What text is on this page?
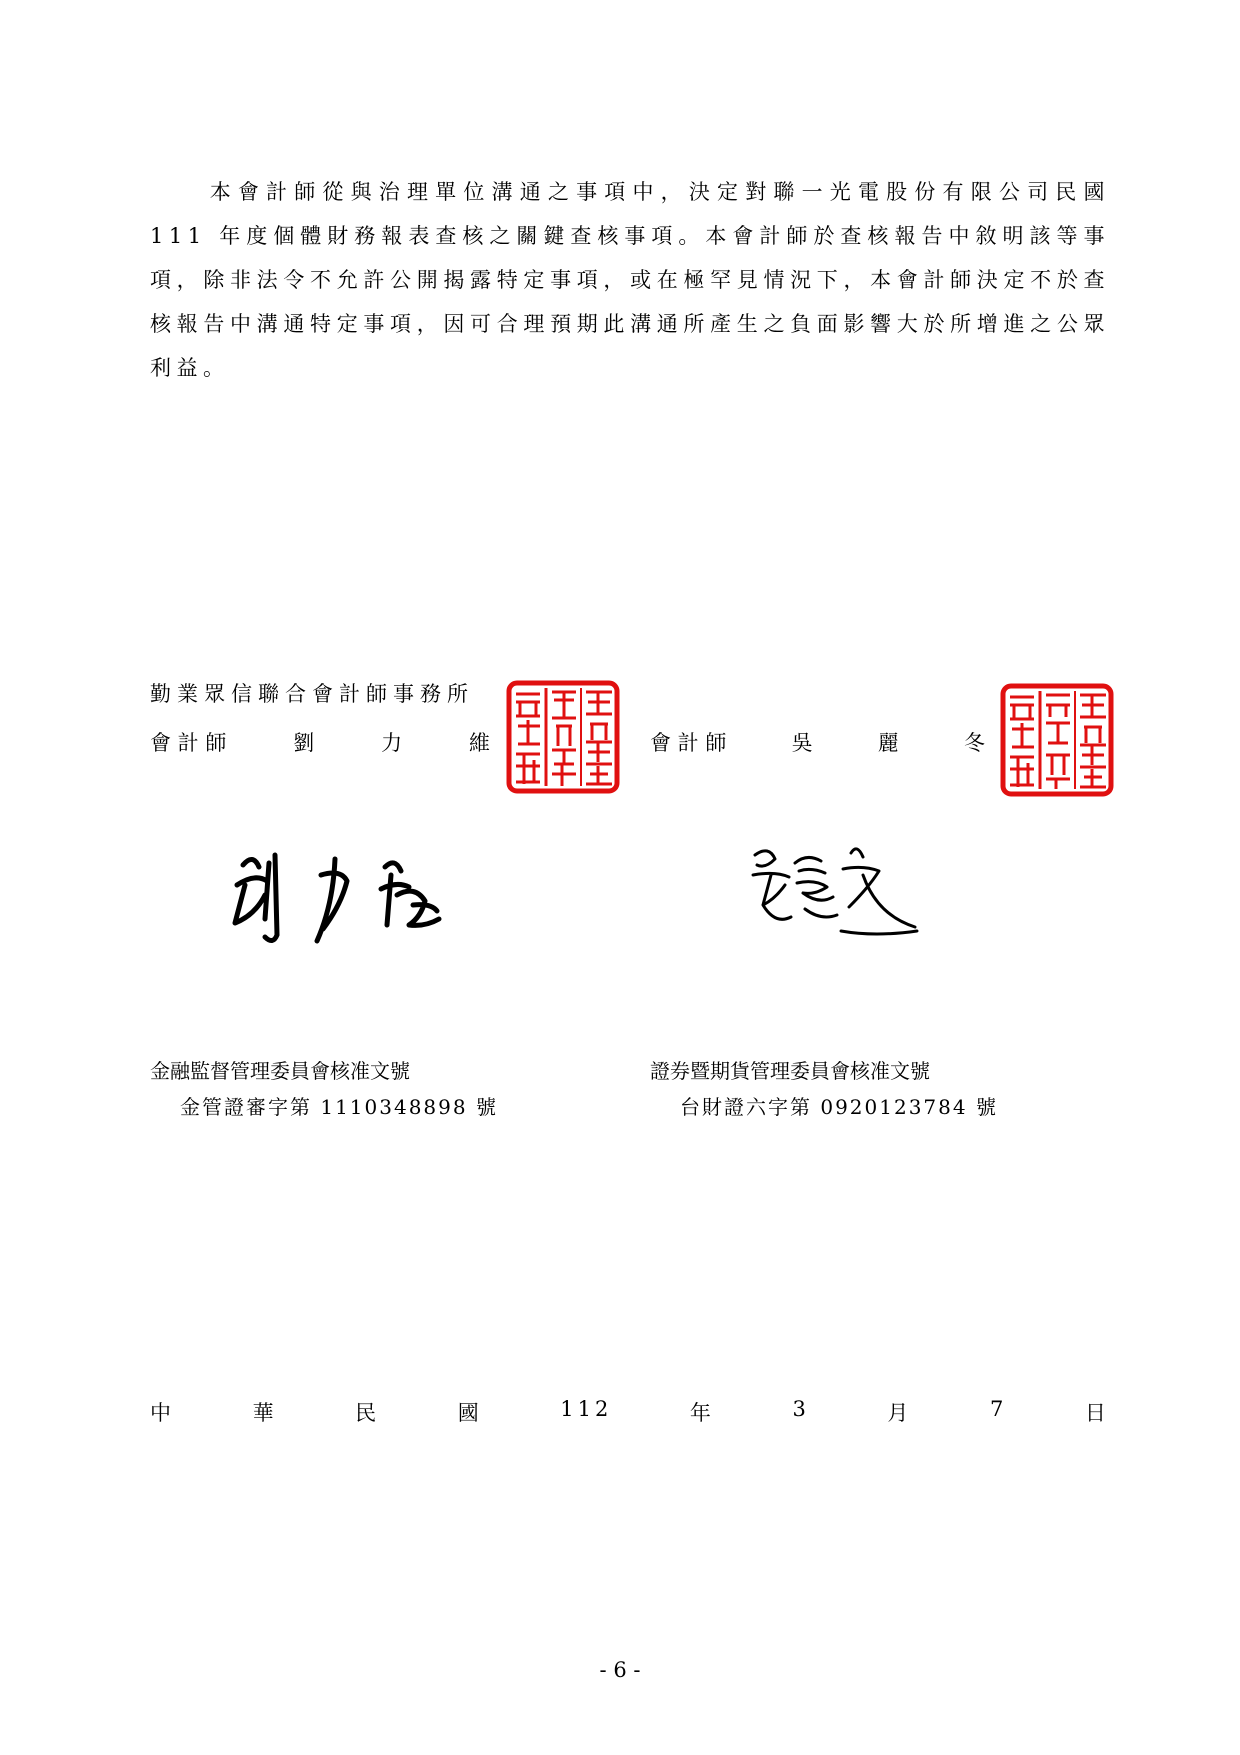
本會計師從與治理單位溝通之事項中，決定對聯一光電股份有限公司民國 111 年度個體財務報表查核之關鍵查核事項。本會計師於查核報告中敘明該等事項，除非法令不允許公開揭露特定事項，或在極罕見情況下，本會計師決定不於查核報告中溝通特定事項，因可合理預期此溝通所產生之負面影響大於所增進之公眾利益。
勤業眾信聯合會計師事務所
會 計 師	劉	力	維	會 計 師	吳	麗	冬
金融監督管理委員會核准文號
金管證審字第 1110348898 號
證券暨期貨管理委員會核准文號
台財證六字第 0920123784 號
中	華	民	國	112	年	3	月	7	日
- 6 -
